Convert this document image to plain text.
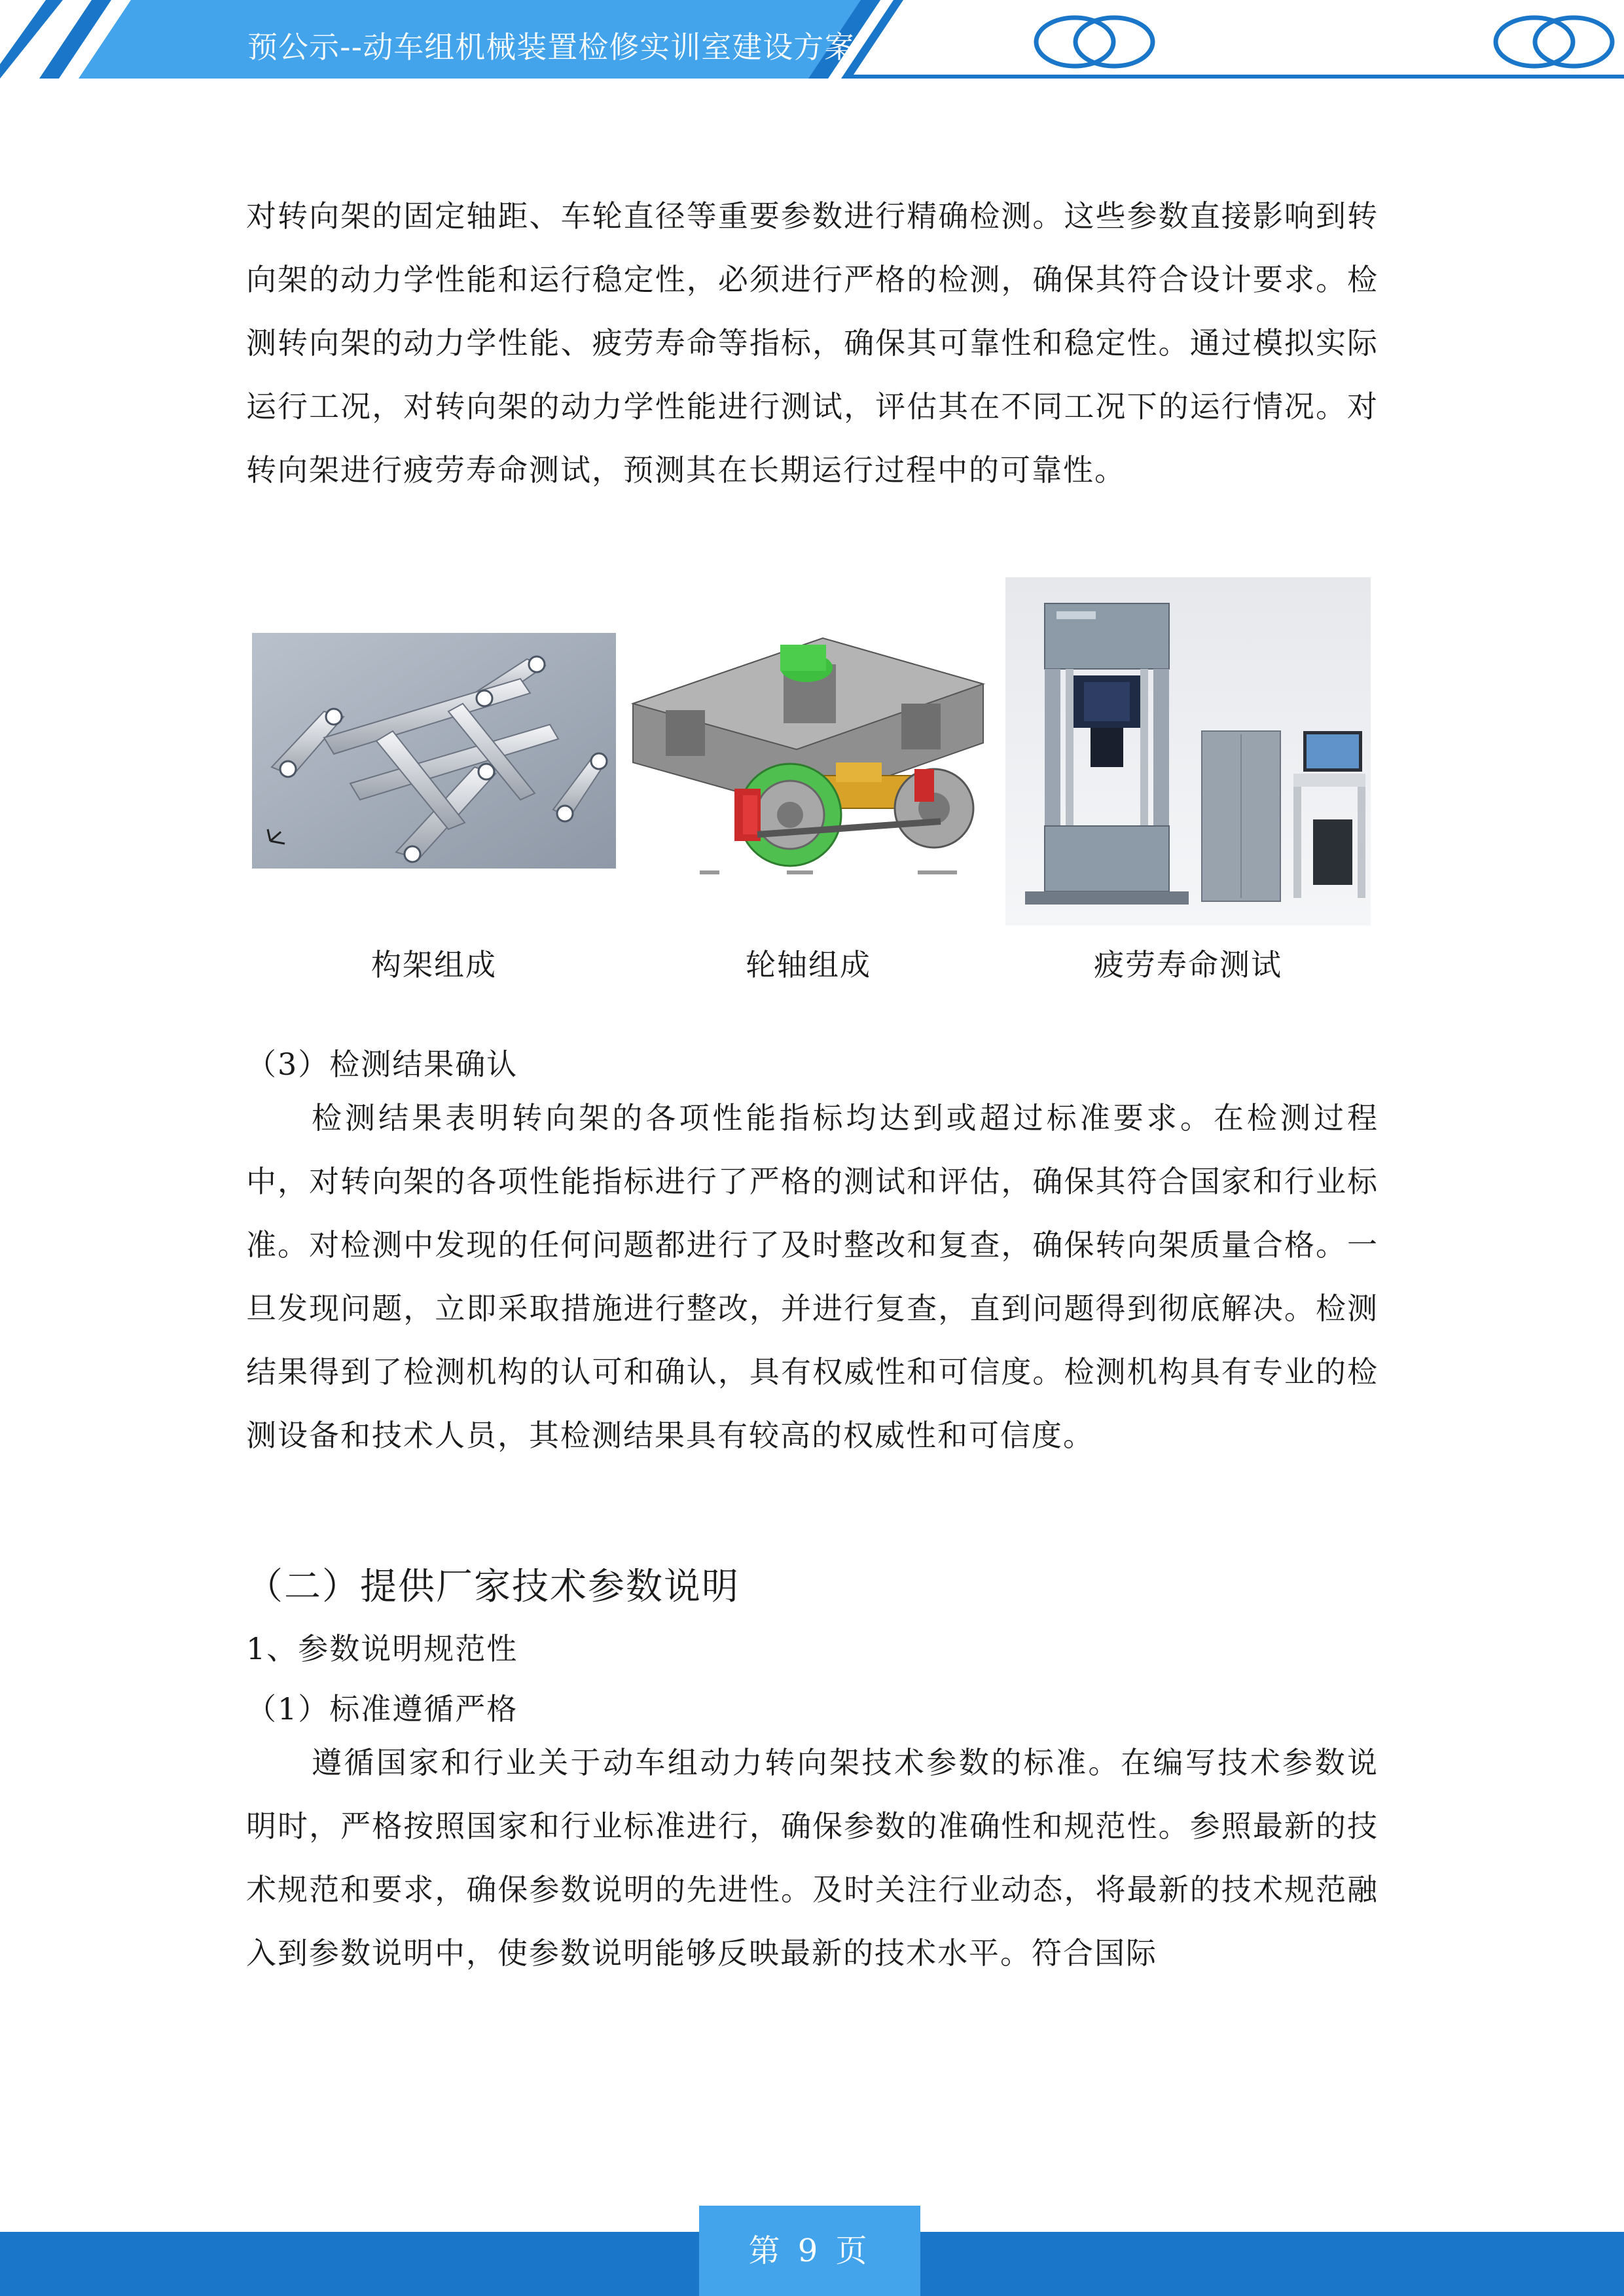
预公示--动车组机械装置检修实训室建设方案

对转向架的固定轴距、车轮直径等重要参数进行精确检测。这些参数直接影响到转向架的动力学性能和运行稳定性，必须进行严格的检测，确保其符合设计要求。检测转向架的动力学性能、疲劳寿命等指标，确保其可靠性和稳定性。通过模拟实际运行工况，对转向架的动力学性能进行测试，评估其在不同工况下的运行情况。对转向架进行疲劳寿命测试，预测其在长期运行过程中的可靠性。

构架组成	轮轴组成	疲劳寿命测试
（3）检测结果确认

检测结果表明转向架的各项性能指标均达到或超过标准要求。在检测过程中，对转向架的各项性能指标进行了严格的测试和评估，确保其符合国家和行业标准。对检测中发现的任何问题都进行了及时整改和复查，确保转向架质量合格。一旦发现问题，立即采取措施进行整改，并进行复查，直到问题得到彻底解决。检测结果得到了检测机构的认可和确认，具有权威性和可信度。检测机构具有专业的检测设备和技术人员，其检测结果具有较高的权威性和可信度。

（二）提供厂家技术参数说明
1、参数说明规范性
（1）标准遵循严格

遵循国家和行业关于动车组动力转向架技术参数的标准。在编写技术参数说明时，严格按照国家和行业标准进行，确保参数的准确性和规范性。参照最新的技术规范和要求，确保参数说明的先进性。及时关注行业动态，将最新的技术规范融入到参数说明中，使参数说明能够反映最新的技术水平。符合国际

第 9 页
